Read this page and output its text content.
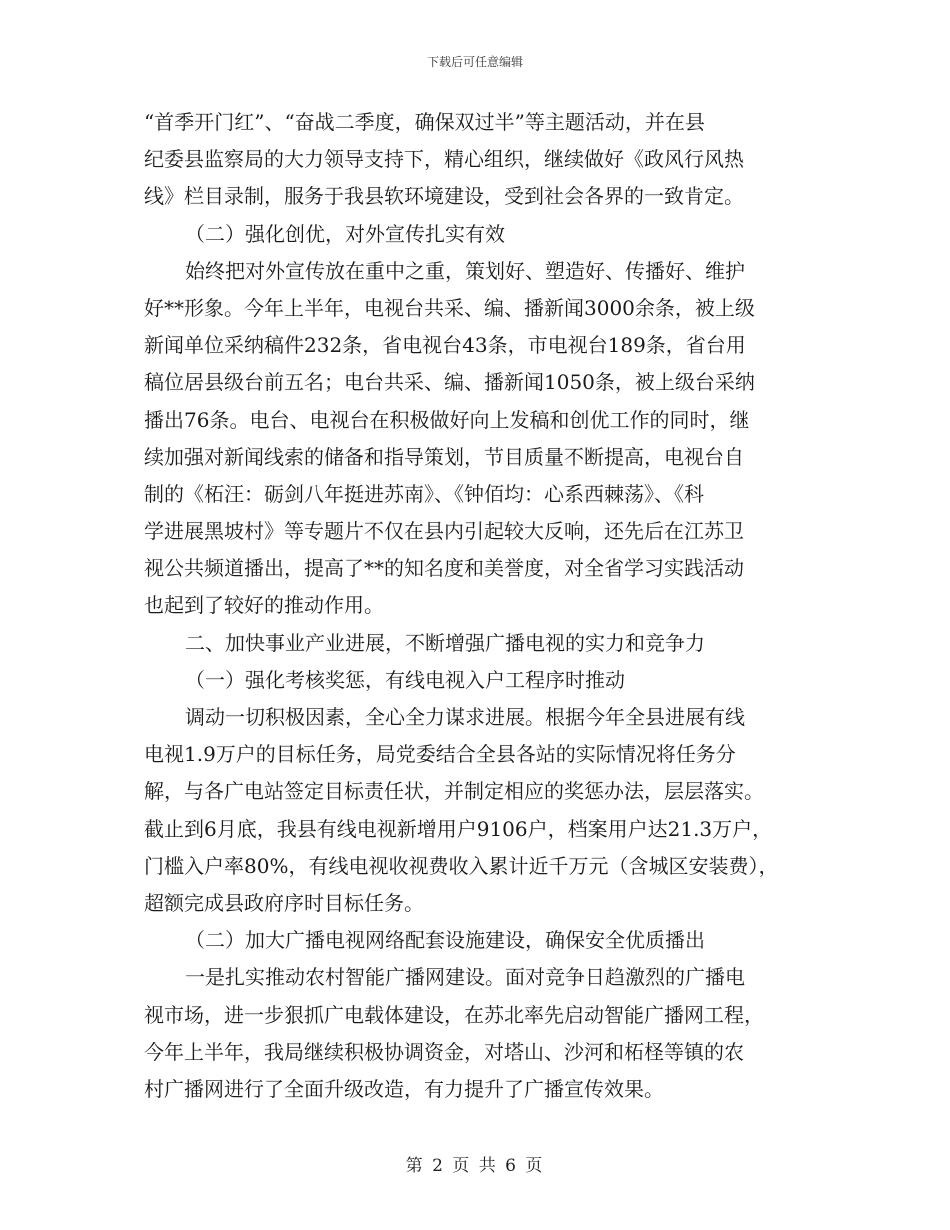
下载后可任意编辑
“首季开门红”、“奋战二季度，确保双过半”等主题活动，并在县
纪委县监察局的大力领导支持下，精心组织，继续做好《政风行风热
线》栏目录制，服务于我县软环境建设，受到社会各界的一致肯定。
（二）强化创优，对外宣传扎实有效
始终把对外宣传放在重中之重，策划好、塑造好、传播好、维护
好**形象。今年上半年，电视台共采、编、播新闻3000余条，被上级
新闻单位采纳稿件232条，省电视台43条，市电视台189条，省台用
稿位居县级台前五名；电台共采、编、播新闻1050条，被上级台采纳
播出76条。电台、电视台在积极做好向上发稿和创优工作的同时，继
续加强对新闻线索的储备和指导策划，节目质量不断提高，电视台自
制的《柘汪：砺剑八年挺进苏南》、《钟佰均：心系西棘荡》、《科
学进展黑坡村》等专题片不仅在县内引起较大反响，还先后在江苏卫
视公共频道播出，提高了**的知名度和美誉度，对全省学习实践活动
也起到了较好的推动作用。
二、加快事业产业进展，不断增强广播电视的实力和竞争力
（一）强化考核奖惩，有线电视入户工程序时推动
调动一切积极因素，全心全力谋求进展。根据今年全县进展有线
电视1.9万户的目标任务，局党委结合全县各站的实际情况将任务分
解，与各广电站签定目标责任状，并制定相应的奖惩办法，层层落实。
截止到6月底，我县有线电视新增用户9106户，档案用户达21.3万户，
门槛入户率80%，有线电视收视费收入累计近千万元（含城区安装费），
超额完成县政府序时目标任务。
（二）加大广播电视网络配套设施建设，确保安全优质播出
一是扎实推动农村智能广播网建设。面对竞争日趋激烈的广播电
视市场，进一步狠抓广电载体建设，在苏北率先启动智能广播网工程，
今年上半年，我局继续积极协调资金，对塔山、沙河和柘柽等镇的农
村广播网进行了全面升级改造，有力提升了广播宣传效果。
第 2 页 共 6 页
